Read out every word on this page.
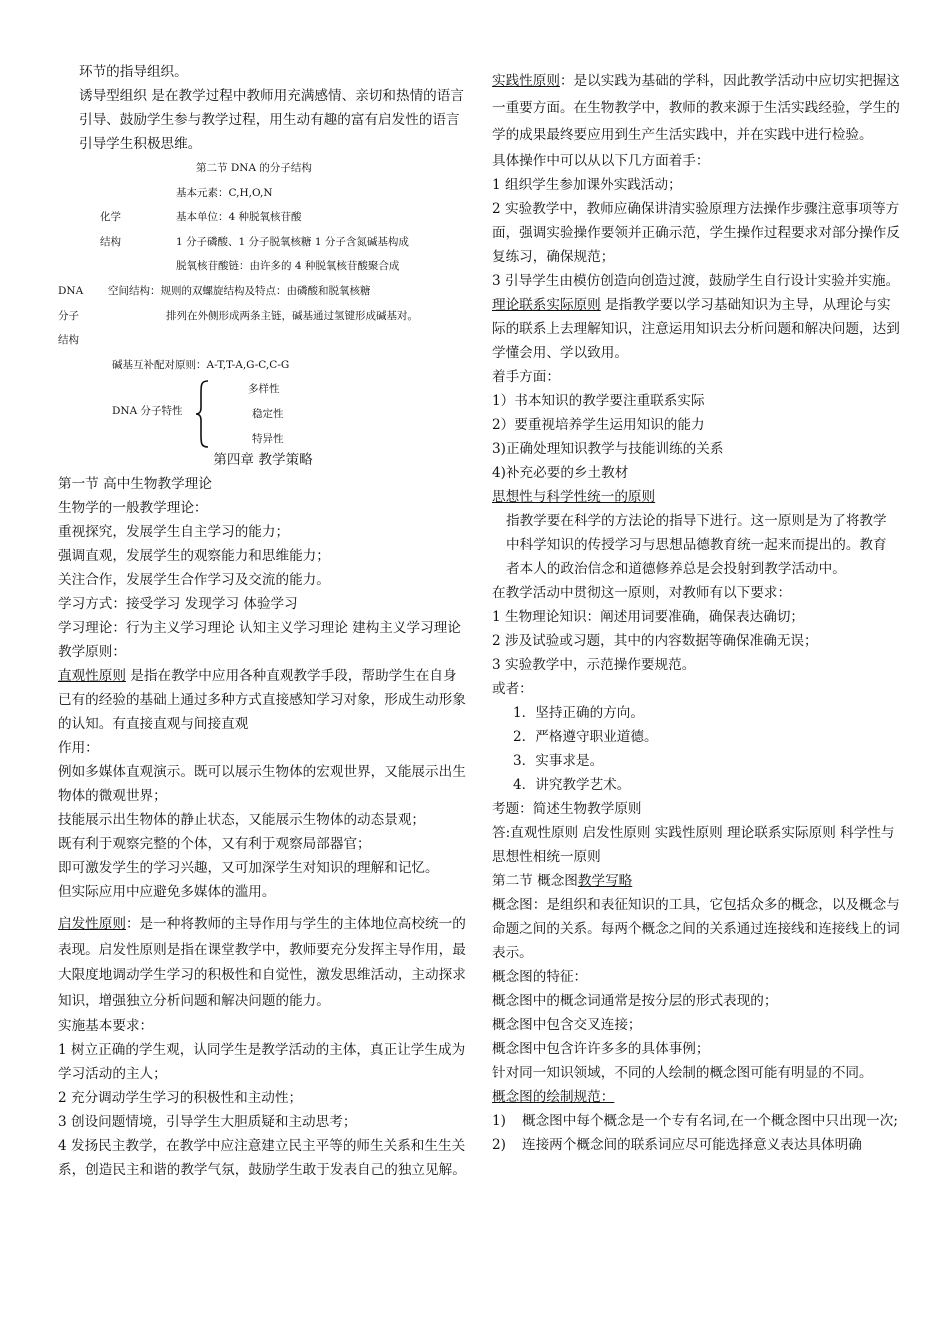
环节的指导组织。

诱导型组织 是在教学过程中教师用充满感情、亲切和热情的语言引导、鼓励学生参与教学过程，用生动有趣的富有启发性的语言引导学生积极思维。

第二节 DNA 的分子结构

基本元素：C,H,O,N

化学	基本单位：4 种脱氧核苷酸

结构	1 分子磷酸、1 分子脱氧核糖 1 分子含氮碱基构成

脱氧核苷酸链：由许多的 4 种脱氧核苷酸聚合成

DNA 空间结构：规则的双螺旋结构及特点：由磷酸和脱氧核糖

分子	排列在外侧形成两条主链，碱基通过氢键形成碱基对。

结构

碱基互补配对原则：A-T,T-A,G-C,C-G

DNA 分子特性
多样性
稳定性
特异性

第四章 教学策略

第一节 高中生物教学理论

生物学的一般教学理论：

重视探究，发展学生自主学习的能力；

强调直观，发展学生的观察能力和思维能力；

关注合作，发展学生合作学习及交流的能力。

学习方式：接受学习 发现学习 体验学习

学习理论：行为主义学习理论 认知主义学习理论 建构主义学习理论

教学原则：

直观性原则 是指在教学中应用各种直观教学手段，帮助学生在自身已有的经验的基础上通过多种方式直接感知学习对象，形成生动形象的认知。有直接直观与间接直观

作用：

例如多媒体直观演示。既可以展示生物体的宏观世界，又能展示出生物体的微观世界；

技能展示出生物体的静止状态，又能展示生物体的动态景观；

既有利于观察完整的个体，又有利于观察局部器官；

即可激发学生的学习兴趣，又可加深学生对知识的理解和记忆。

但实际应用中应避免多媒体的滥用。

启发性原则：是一种将教师的主导作用与学生的主体地位高校统一的表现。启发性原则是指在课堂教学中，教师要充分发挥主导作用，最大限度地调动学生学习的积极性和自觉性，激发思维活动，主动探求知识，增强独立分析问题和解决问题的能力。

实施基本要求：

1 树立正确的学生观，认同学生是教学活动的主体，真正让学生成为学习活动的主人；

2 充分调动学生学习的积极性和主动性；

3 创设问题情境，引导学生大胆质疑和主动思考；

4 发扬民主教学，在教学中应注意建立民主平等的师生关系和生生关系，创造民主和谐的教学气氛，鼓励学生敢于发表自己的独立见解。

实践性原则：是以实践为基础的学科，因此教学活动中应切实把握这一重要方面。在生物教学中，教师的教来源于生活实践经验，学生的学的成果最终要应用到生产生活实践中，并在实践中进行检验。

具体操作中可以从以下几方面着手：

1 组织学生参加课外实践活动；

2 实验教学中，教师应确保讲清实验原理方法操作步骤注意事项等方面，强调实验操作要领并正确示范，学生操作过程要求对部分操作反复练习，确保规范；

3 引导学生由模仿创造向创造过渡，鼓励学生自行设计实验并实施。

理论联系实际原则 是指教学要以学习基础知识为主导，从理论与实际的联系上去理解知识，注意运用知识去分析问题和解决问题，达到学懂会用、学以致用。

着手方面：

1）书本知识的教学要注重联系实际

2）要重视培养学生运用知识的能力

3)正确处理知识教学与技能训练的关系

4)补充必要的乡土教材

思想性与科学性统一的原则

指教学要在科学的方法论的指导下进行。这一原则是为了将教学中科学知识的传授学习与思想品德教育统一起来而提出的。教育者本人的政治信念和道德修养总是会投射到教学活动中。

在教学活动中贯彻这一原则，对教师有以下要求：

1 生物理论知识：阐述用词要准确，确保表达确切；

2 涉及试验或习题，其中的内容数据等确保准确无误；

3 实验教学中，示范操作要规范。

或者：

1．坚持正确的方向。

2．严格遵守职业道德。

3．实事求是。

4．讲究教学艺术。

考题：简述生物教学原则

答:直观性原则 启发性原则 实践性原则 理论联系实际原则 科学性与思想性相统一原则

第二节 概念图教学写略

概念图：是组织和表征知识的工具，它包括众多的概念，以及概念与命题之间的关系。每两个概念之间的关系通过连接线和连接线上的词表示。

概念图的特征：

概念图中的概念词通常是按分层的形式表现的；

概念图中包含交叉连接；

概念图中包含许许多多的具体事例；

针对同一知识领域，不同的人绘制的概念图可能有明显的不同。

概念图的绘制规范：

1)	概念图中每个概念是一个专有名词,在一个概念图中只出现一次;
2)	连接两个概念间的联系词应尽可能选择意义表达具体明确
